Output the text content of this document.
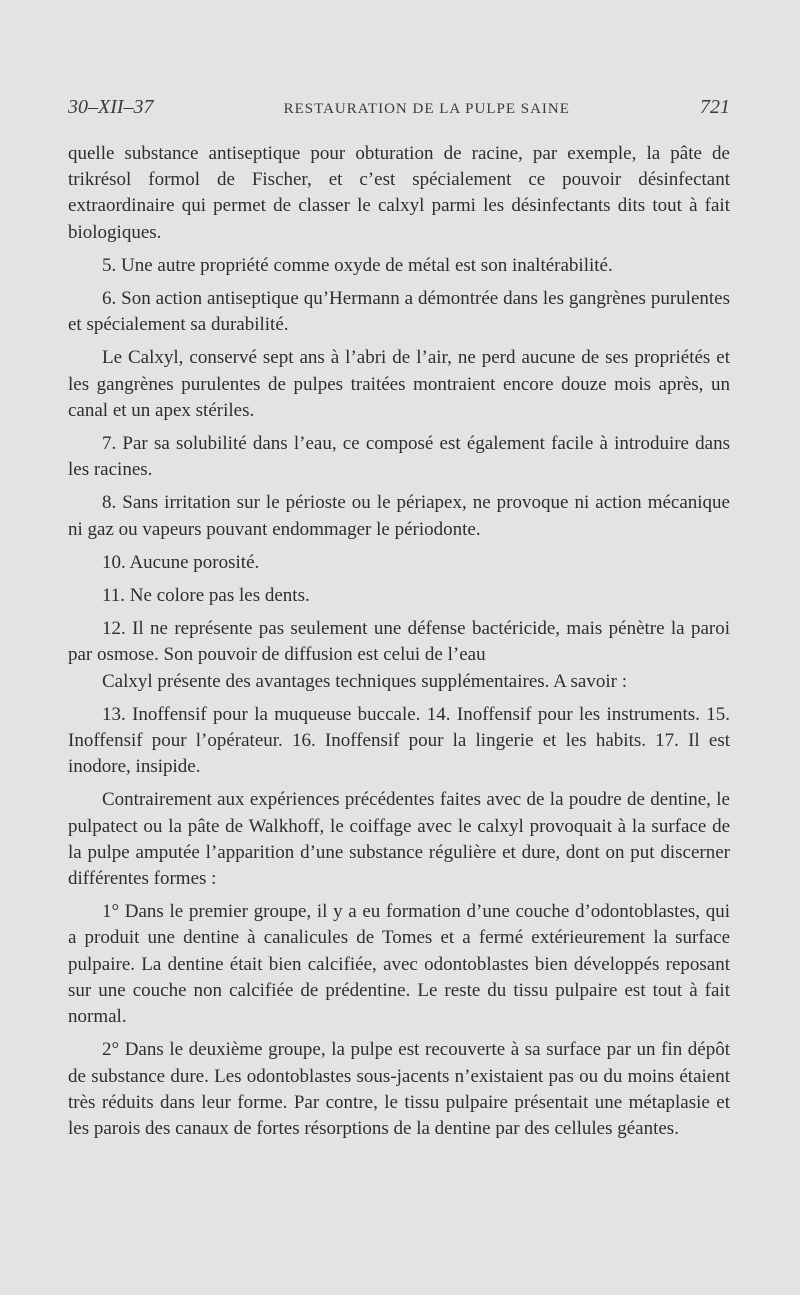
30–XII–37	RESTAURATION DE LA PULPE SAINE	721

quelle substance antiseptique pour obturation de racine, par exemple, la pâte de trikrésol formol de Fischer, et c’est spécialement ce pouvoir désinfectant extraordinaire qui permet de classer le calxyl parmi les désinfectants dits tout à fait biologiques.

5. Une autre propriété comme oxyde de métal est son inaltérabilité.

6. Son action antiseptique qu’Hermann a démontrée dans les gangrènes purulentes et spécialement sa durabilité.

Le Calxyl, conservé sept ans à l’abri de l’air, ne perd aucune de ses propriétés et les gangrènes purulentes de pulpes traitées montraient encore douze mois après, un canal et un apex stériles.

7. Par sa solubilité dans l’eau, ce composé est également facile à introduire dans les racines.

8. Sans irritation sur le périoste ou le périapex, ne provoque ni action mécanique ni gaz ou vapeurs pouvant endommager le périodonte.

10. Aucune porosité.

11. Ne colore pas les dents.

12. Il ne représente pas seulement une défense bactéricide, mais pénètre la paroi par osmose. Son pouvoir de diffusion est celui de l’eau

Calxyl présente des avantages techniques supplémentaires. A savoir :

13. Inoffensif pour la muqueuse buccale. 14. Inoffensif pour les instruments. 15. Inoffensif pour l’opérateur. 16. Inoffensif pour la lingerie et les habits. 17. Il est inodore, insipide.

Contrairement aux expériences précédentes faites avec de la poudre de dentine, le pulpatect ou la pâte de Walkhoff, le coiffage avec le calxyl provoquait à la surface de la pulpe amputée l’apparition d’une substance régulière et dure, dont on put discerner différentes formes :

1° Dans le premier groupe, il y a eu formation d’une couche d’odontoblastes, qui a produit une dentine à canalicules de Tomes et a fermé extérieurement la surface pulpaire. La dentine était bien calcifiée, avec odontoblastes bien développés reposant sur une couche non calcifiée de prédentine. Le reste du tissu pulpaire est tout à fait normal.

2° Dans le deuxième groupe, la pulpe est recouverte à sa surface par un fin dépôt de substance dure. Les odontoblastes sous-jacents n’existaient pas ou du moins étaient très réduits dans leur forme. Par contre, le tissu pulpaire présentait une métaplasie et les parois des canaux de fortes résorptions de la dentine par des cellules géantes.
